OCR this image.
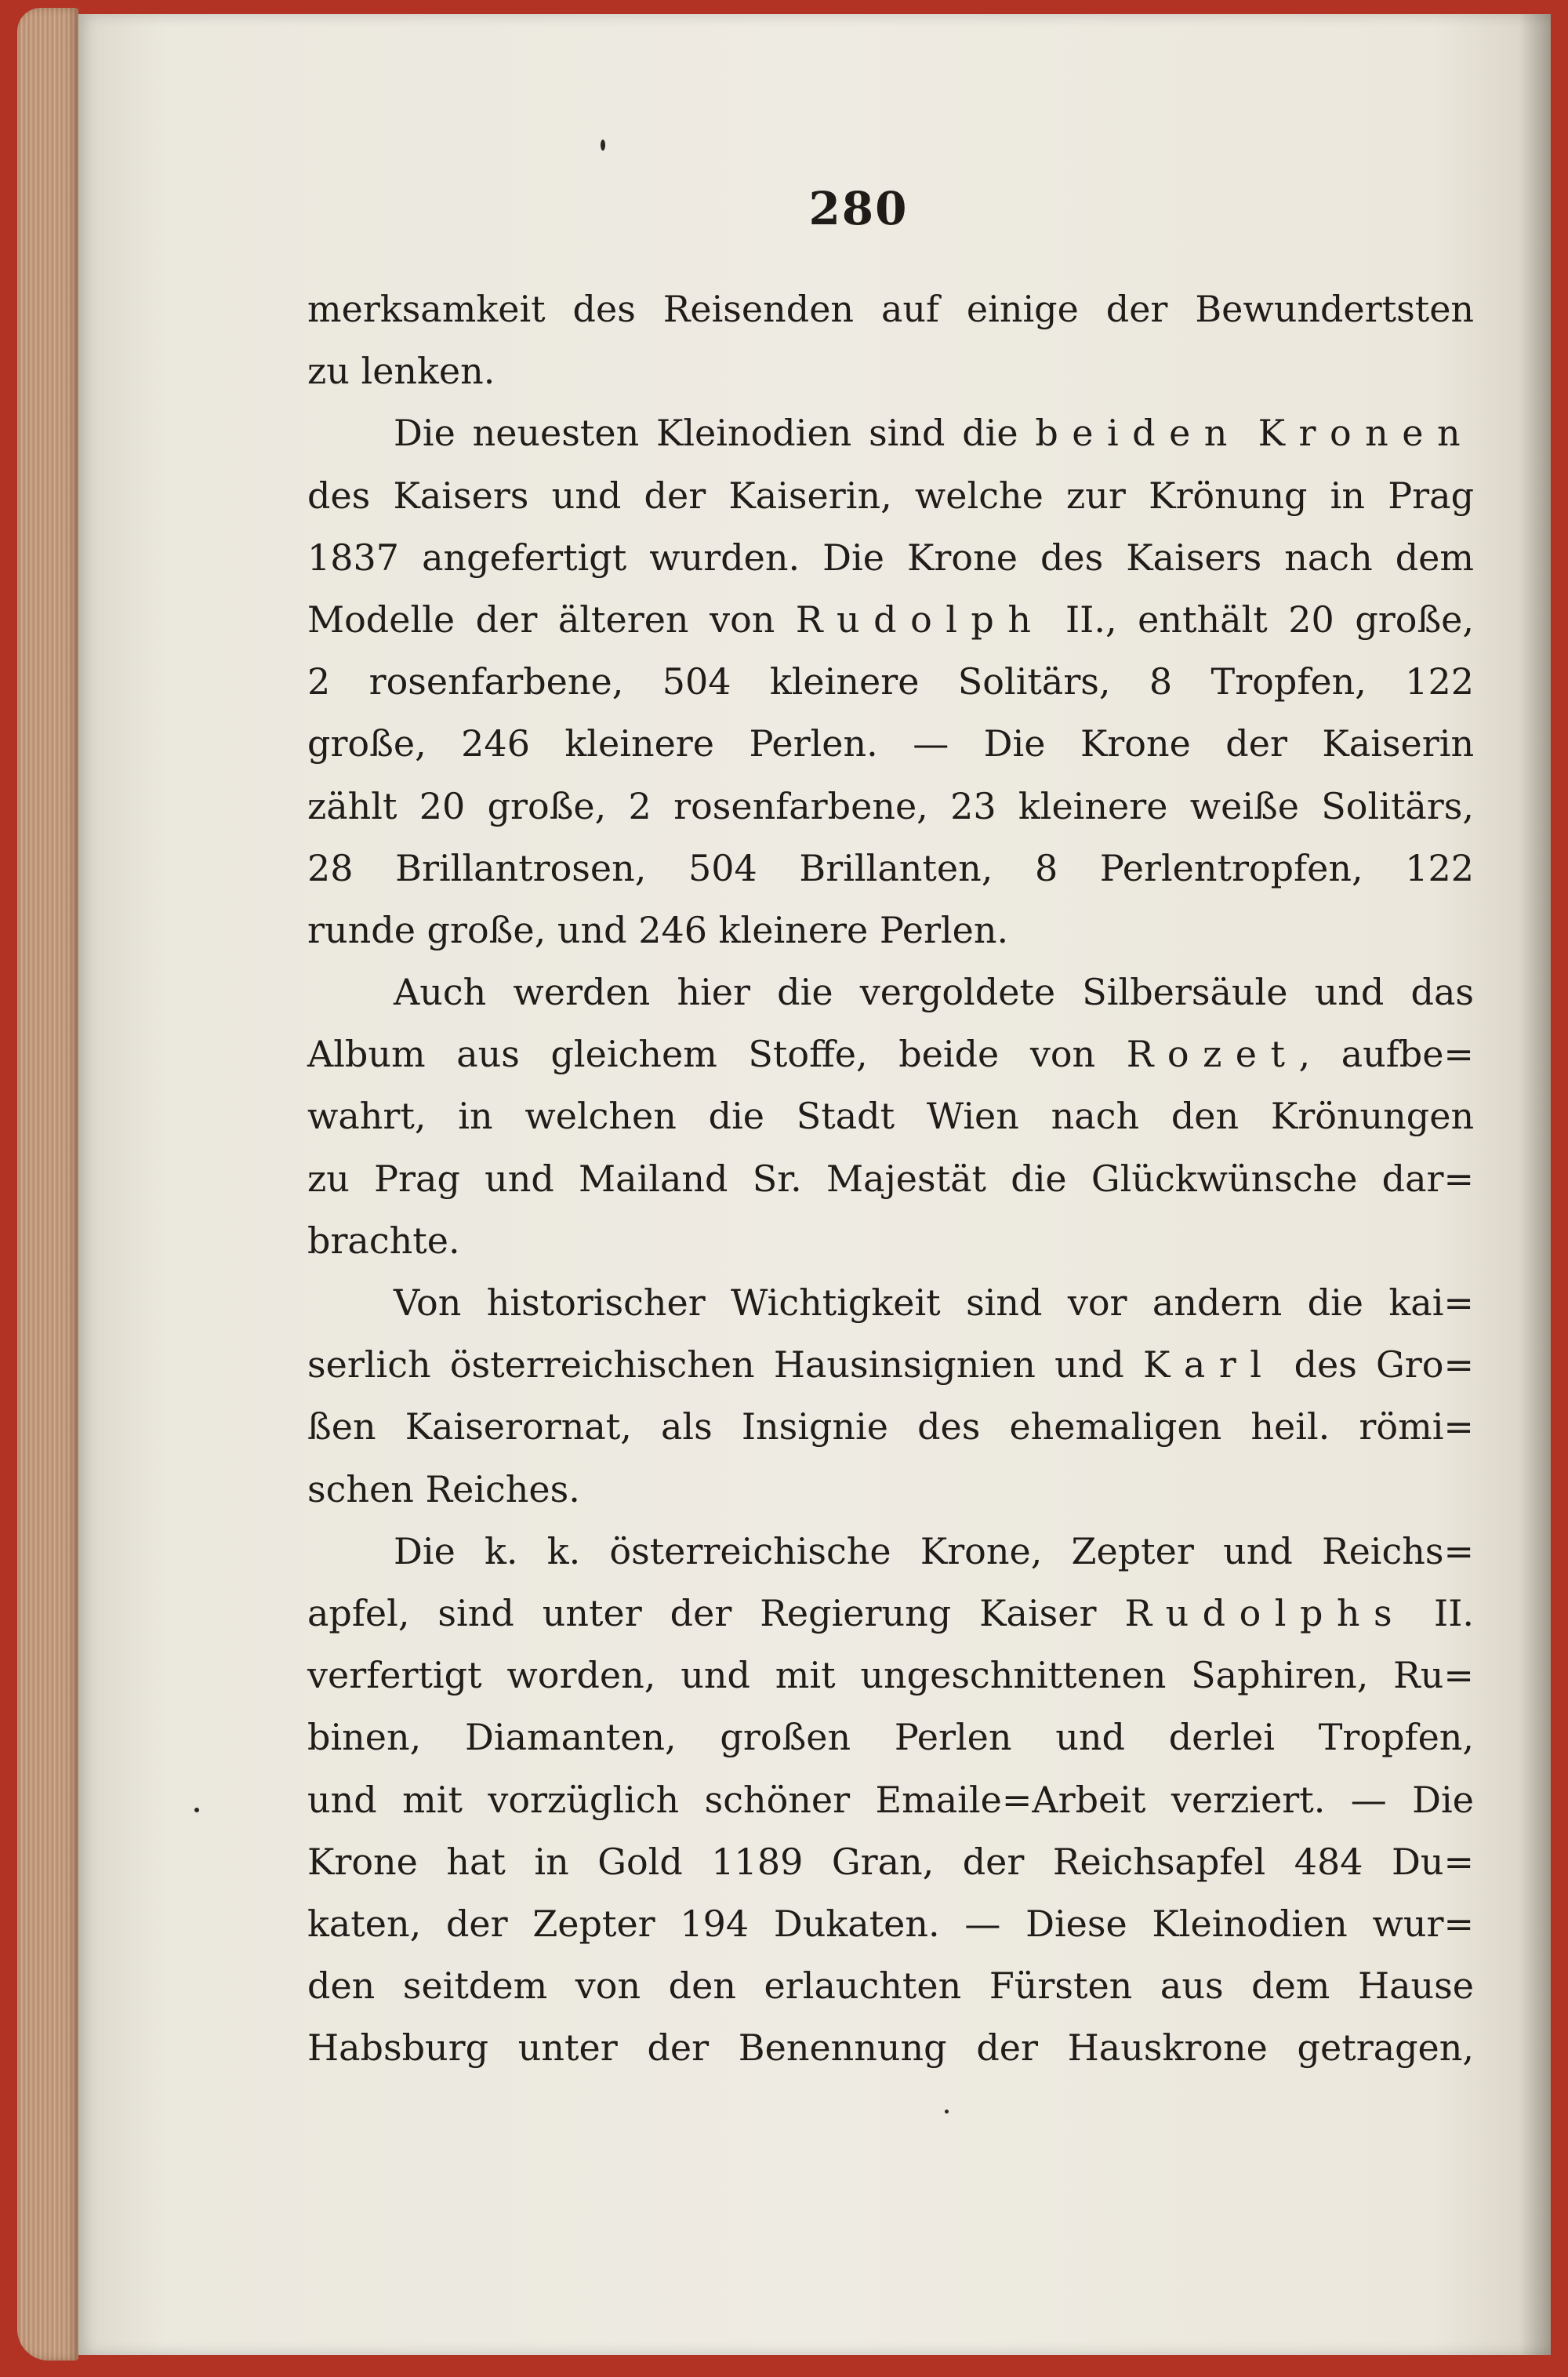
280
merksamkeit des Reisenden auf einige der Bewundertsten
zu lenken.
Die neuesten Kleinodien sind die beiden Kronen
des Kaisers und der Kaiserin, welche zur Krönung in Prag
1837 angefertigt wurden. Die Krone des Kaisers nach dem
Modelle der älteren von Rudolph II., enthält 20 große,
2 rosenfarbene, 504 kleinere Solitärs, 8 Tropfen, 122
große, 246 kleinere Perlen. — Die Krone der Kaiserin
zählt 20 große, 2 rosenfarbene, 23 kleinere weiße Solitärs,
28 Brillantrosen, 504 Brillanten, 8 Perlentropfen, 122
runde große, und 246 kleinere Perlen.
Auch werden hier die vergoldete Silbersäule und das
Album aus gleichem Stoffe, beide von Rozet, aufbe=
wahrt, in welchen die Stadt Wien nach den Krönungen
zu Prag und Mailand Sr. Majestät die Glückwünsche dar=
brachte.
Von historischer Wichtigkeit sind vor andern die kai=
serlich österreichischen Hausinsignien und Karl des Gro=
ßen Kaiserornat, als Insignie des ehemaligen heil. römi=
schen Reiches.
Die k. k. österreichische Krone, Zepter und Reichs=
apfel, sind unter der Regierung Kaiser Rudolphs II.
verfertigt worden, und mit ungeschnittenen Saphiren, Ru=
binen, Diamanten, großen Perlen und derlei Tropfen,
und mit vorzüglich schöner Emaile=Arbeit verziert. — Die
Krone hat in Gold 1189 Gran, der Reichsapfel 484 Du=
katen, der Zepter 194 Dukaten. — Diese Kleinodien wur=
den seitdem von den erlauchten Fürsten aus dem Hause
Habsburg unter der Benennung der Hauskrone getragen,
